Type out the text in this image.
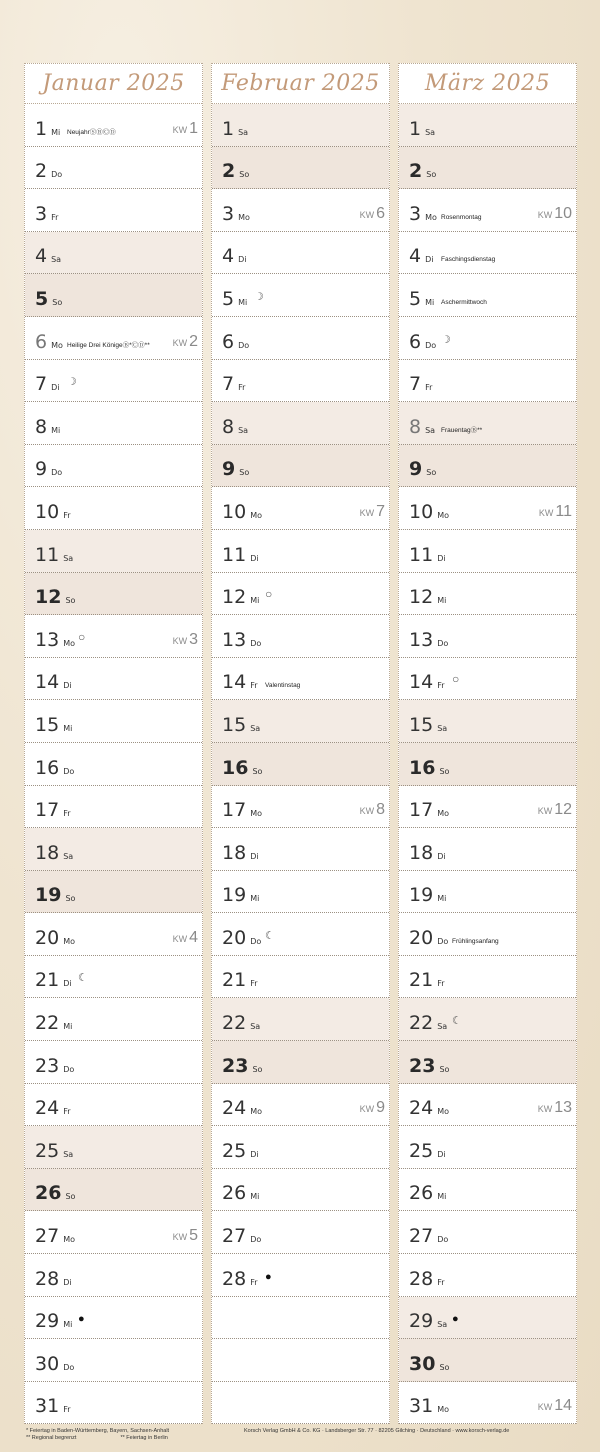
Januar 2025
1 Mi NeujahrⓈⒷⒸⒹ	KW 1
2 Do
3 Fr
4 Sa
5 So
6 Mo Heilige Drei KönigeⒷ*ⒸⒹ**	KW 2
7 Di ☽
8 Mi
9 Do
10 Fr
11 Sa
12 So
13 Mo ○	KW 3
14 Di
15 Mi
16 Do
17 Fr
18 Sa
19 So
20 Mo	KW 4
21 Di ☾
22 Mi
23 Do
24 Fr
25 Sa
26 So
27 Mo	KW 5
28 Di
29 Mi ●
30 Do
31 Fr
Februar 2025
1 Sa
2 So
3 Mo	KW 6
4 Di
5 Mi ☽
6 Do
7 Fr
8 Sa
9 So
10 Mo	KW 7
11 Di
12 Mi ○
13 Do
14 Fr Valentinstag
15 Sa
16 So
17 Mo	KW 8
18 Di
19 Mi
20 Do ☾
21 Fr
22 Sa
23 So
24 Mo	KW 9
25 Di
26 Mi
27 Do
28 Fr ●
März 2025
1 Sa
2 So
3 Mo Rosenmontag	KW 10
4 Di Faschingsdienstag
5 Mi Aschermittwoch
6 Do ☽
7 Fr
8 Sa FrauentagⒷ**
9 So
10 Mo	KW 11
11 Di
12 Mi
13 Do
14 Fr ○
15 Sa
16 So
17 Mo	KW 12
18 Di
19 Mi
20 Do Frühlingsanfang
21 Fr
22 Sa ☾
23 So
24 Mo	KW 13
25 Di
26 Mi
27 Do
28 Fr
29 Sa ●
30 So
31 Mo	KW 14
* Feiertag in Baden-Württemberg, Bayern, Sachsen-Anhalt
** Regional begrenzt	** Feiertag in Berlin
Korsch Verlag GmbH & Co. KG · Landsberger Str. 77 · 82205 Gilching · Deutschland · www.korsch-verlag.de
